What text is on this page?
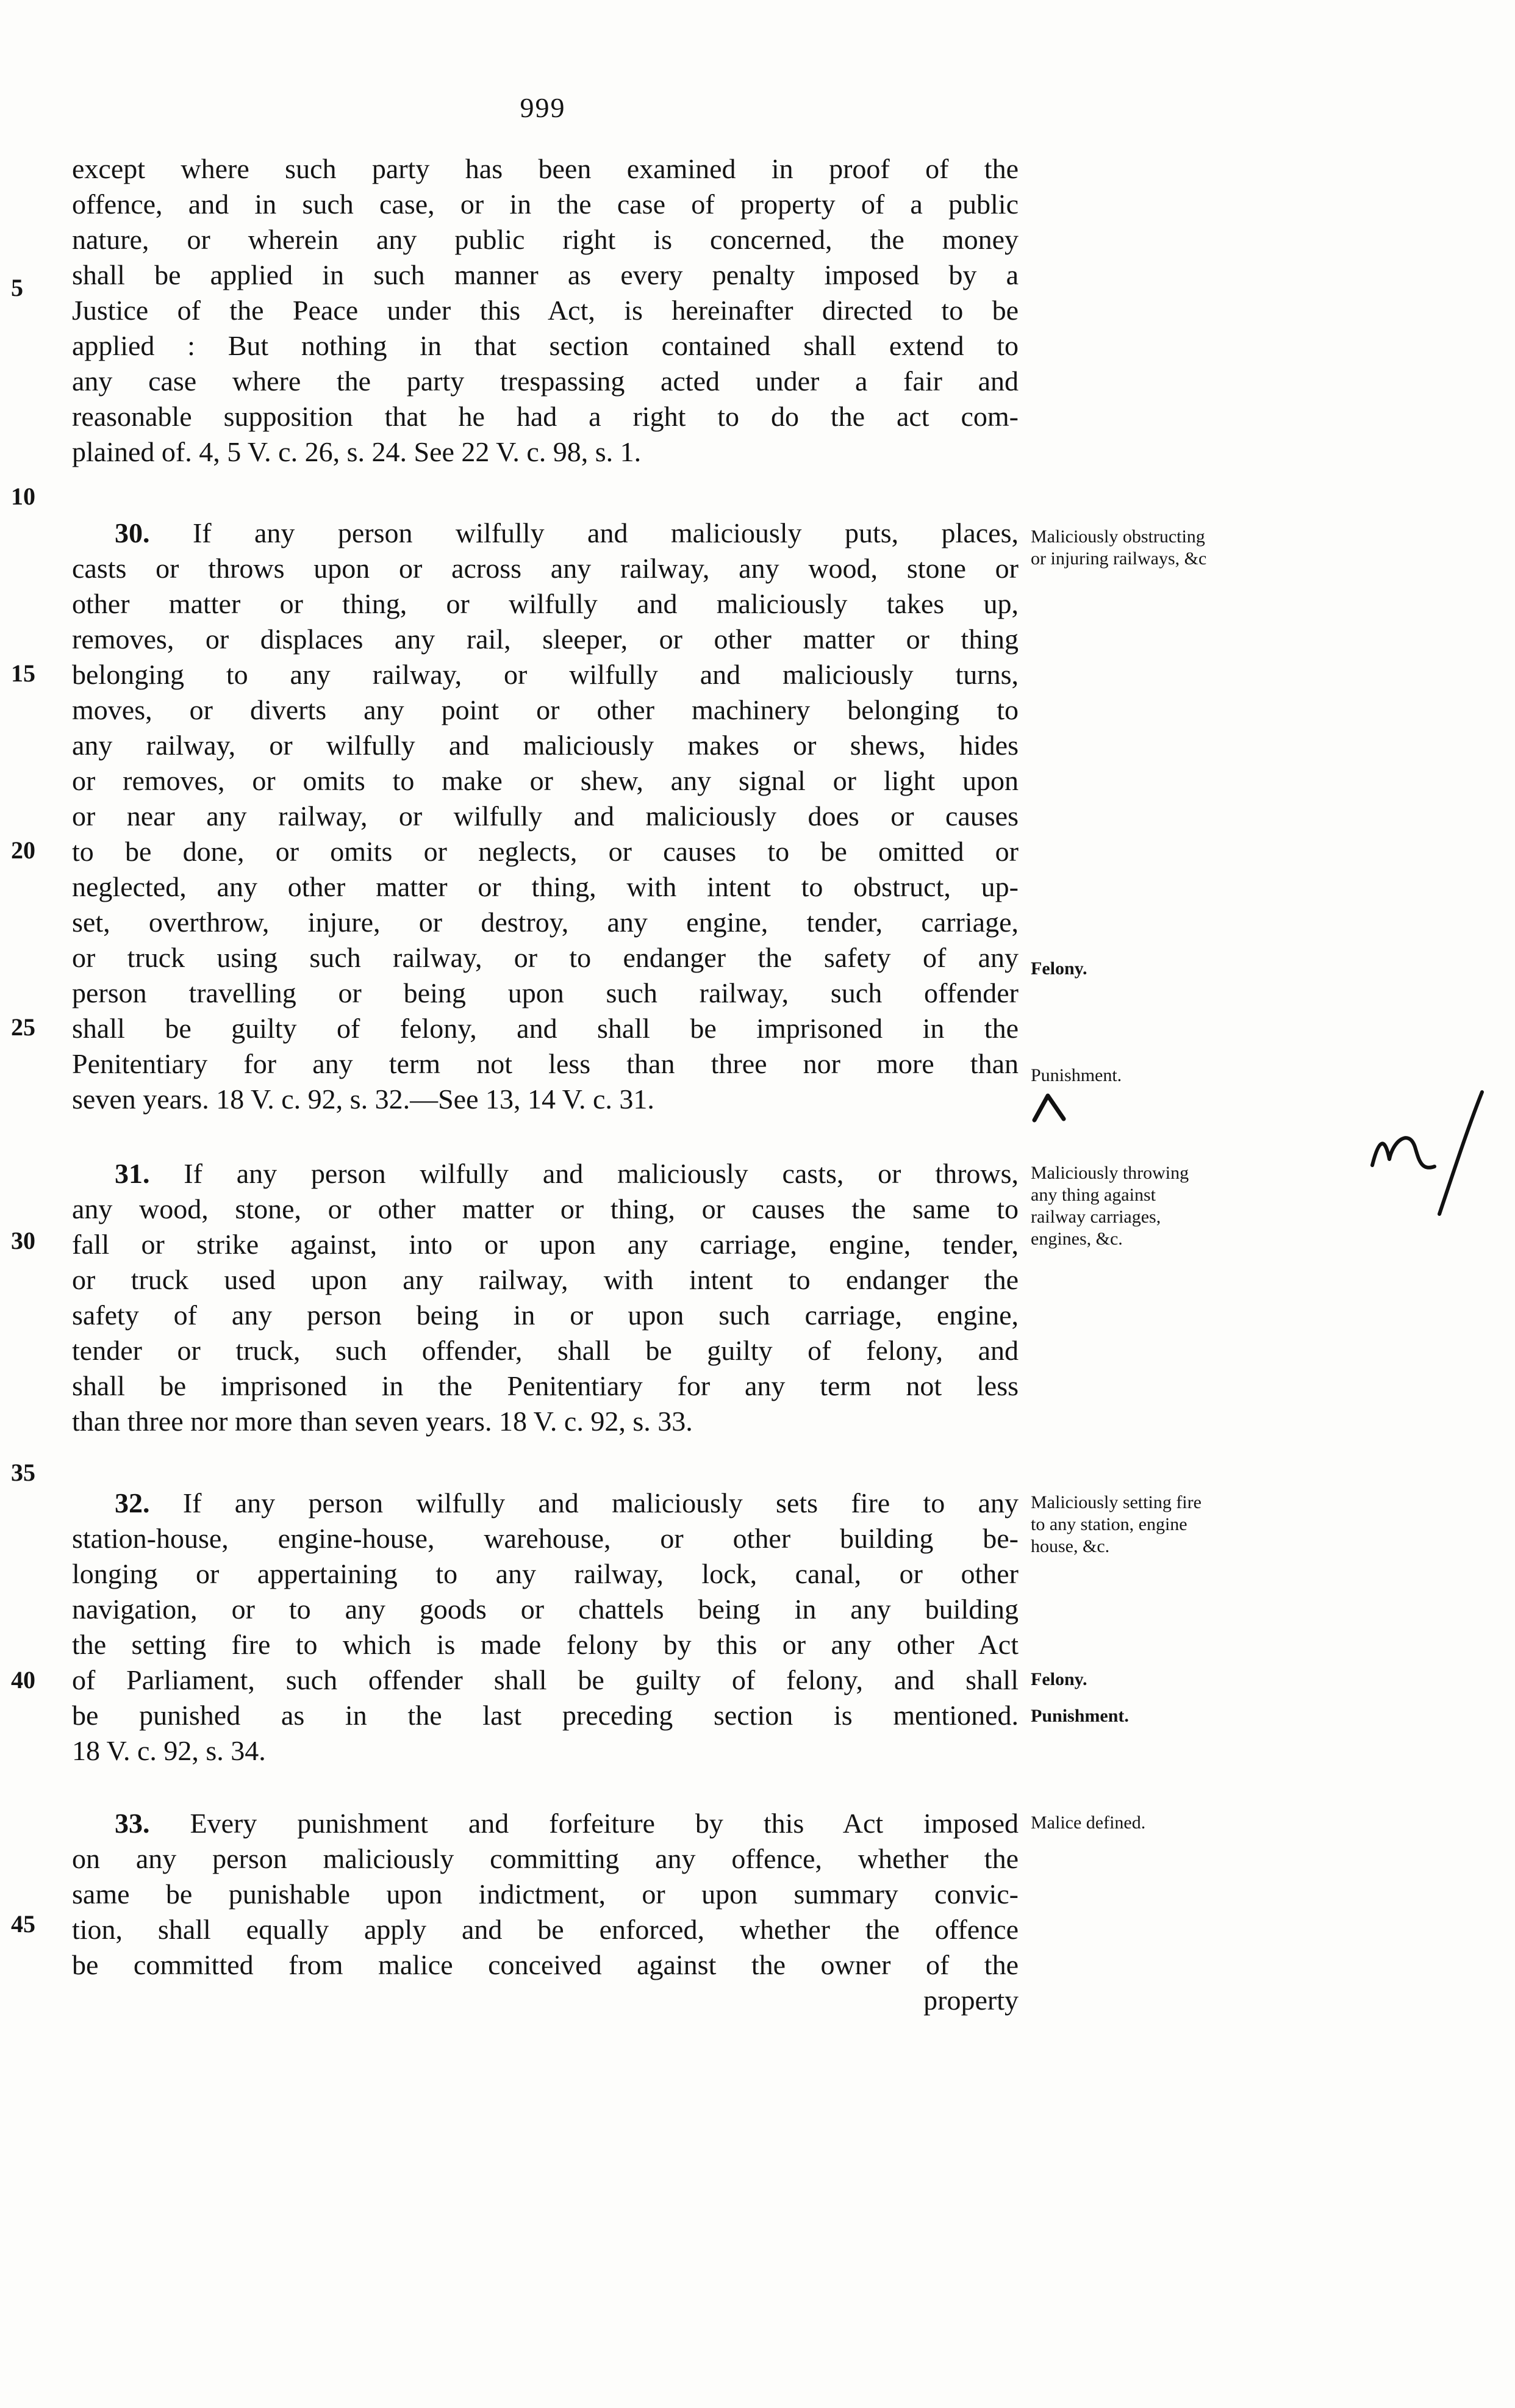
999
except where such party has been examined in proof of the
offence, and in such case, or in the case of property of a public
nature, or wherein any public right is concerned, the money
shall be applied in such manner as every penalty imposed by a
Justice of the Peace under this Act, is hereinafter directed to be
applied : But nothing in that section contained shall extend to
any case where the party trespassing acted under a fair and
reasonable supposition that he had a right to do the act com-
plained of. 4, 5 V. c. 26, s. 24. See 22 V. c. 98, s. 1.
30. If any person wilfully and maliciously puts, places,
casts or throws upon or across any railway, any wood, stone or
other matter or thing, or wilfully and maliciously takes up,
removes, or displaces any rail, sleeper, or other matter or thing
belonging to any railway, or wilfully and maliciously turns,
moves, or diverts any point or other machinery belonging to
any railway, or wilfully and maliciously makes or shews, hides
or removes, or omits to make or shew, any signal or light upon
or near any railway, or wilfully and maliciously does or causes
to be done, or omits or neglects, or causes to be omitted or
neglected, any other matter or thing, with intent to obstruct, up-
set, overthrow, injure, or destroy, any engine, tender, carriage,
or truck using such railway, or to endanger the safety of any
person travelling or being upon such railway, such offender
shall be guilty of felony, and shall be imprisoned in the
Penitentiary for any term not less than three nor more than
seven years. 18 V. c. 92, s. 32.—See 13, 14 V. c. 31.
31. If any person wilfully and maliciously casts, or throws,
any wood, stone, or other matter or thing, or causes the same to
fall or strike against, into or upon any carriage, engine, tender,
or truck used upon any railway, with intent to endanger the
safety of any person being in or upon such carriage, engine,
tender or truck, such offender, shall be guilty of felony, and
shall be imprisoned in the Penitentiary for any term not less
than three nor more than seven years. 18 V. c. 92, s. 33.
32. If any person wilfully and maliciously sets fire to any
station-house, engine-house, warehouse, or other building be-
longing or appertaining to any railway, lock, canal, or other
navigation, or to any goods or chattels being in any building
the setting fire to which is made felony by this or any other Act
of Parliament, such offender shall be guilty of felony, and shall
be punished as in the last preceding section is mentioned.
18 V. c. 92, s. 34.
33. Every punishment and forfeiture by this Act imposed
on any person maliciously committing any offence, whether the
same be punishable upon indictment, or upon summary convic-
tion, shall equally apply and be enforced, whether the offence
be committed from malice conceived against the owner of the
property
5
10
15
20
25
30
35
40
45
Maliciously obstructing or injuring railways, &c
Felony.
Punishment.
Maliciously throwing any thing against railway carriages, engines, &c.
Maliciously setting fire to any station, engine house, &c.
Felony.
Punishment.
Malice defined.
